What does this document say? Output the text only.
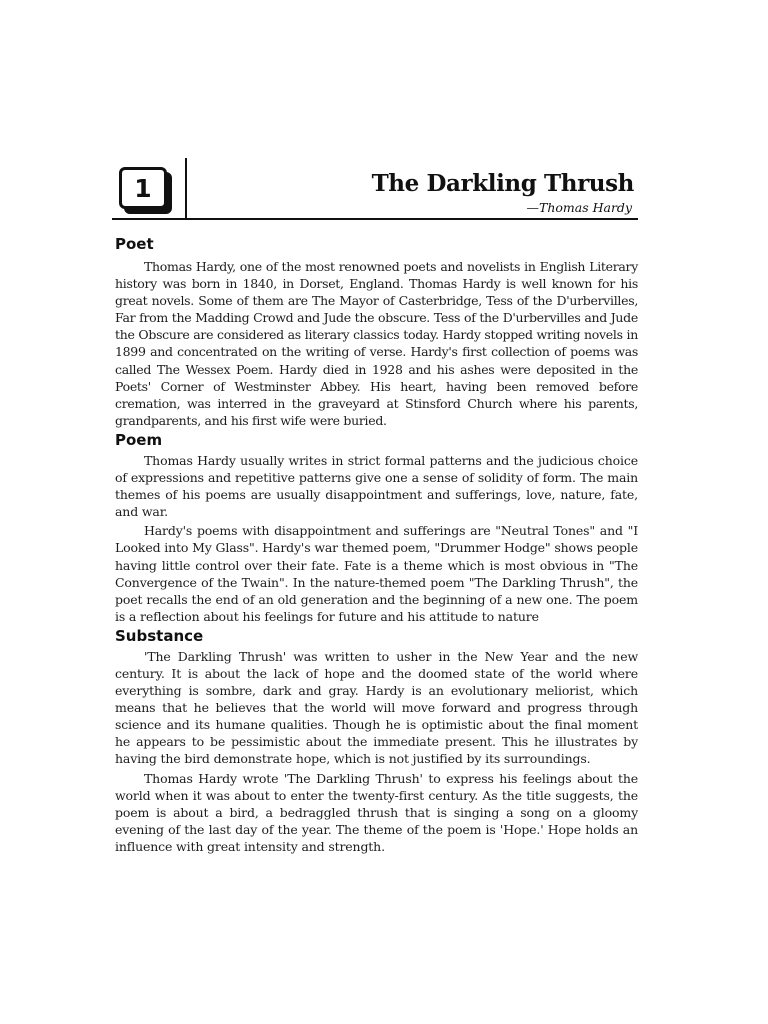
1	The Darkling Thrush
—Thomas Hardy
Poet

Thomas Hardy, one of the most renowned poets and novelists in English Literary history was born in 1840, in Dorset, England. Thomas Hardy is well known for his great novels. Some of them are The Mayor of Casterbridge, Tess of the D'urbervilles, Far from the Madding Crowd and Jude the obscure. Tess of the D'urbervilles and Jude the Obscure are considered as literary classics today. Hardy stopped writing novels in 1899 and concentrated on the writing of verse. Hardy's first collection of poems was called The Wessex Poem. Hardy died in 1928 and his ashes were deposited in the Poets' Corner of Westminster Abbey. His heart, having been removed before cremation, was interred in the graveyard at Stinsford Church where his parents, grandparents, and his first wife were buried.

Poem

Thomas Hardy usually writes in strict formal patterns and the judicious choice of expressions and repetitive patterns give one a sense of solidity of form. The main themes of his poems are usually disappointment and sufferings, love, nature, fate, and war.

Hardy's poems with disappointment and sufferings are "Neutral Tones" and "I Looked into My Glass". Hardy's war themed poem, "Drummer Hodge" shows people having little control over their fate. Fate is a theme which is most obvious in "The Convergence of the Twain". In the nature-themed poem "The Darkling Thrush", the poet recalls the end of an old generation and the beginning of a new one. The poem is a reflection about his feelings for future and his attitude to nature

Substance

'The Darkling Thrush' was written to usher in the New Year and the new century. It is about the lack of hope and the doomed state of the world where everything is sombre, dark and gray. Hardy is an evolutionary meliorist, which means that he believes that the world will move forward and progress through science and its humane qualities. Though he is optimistic about the final moment he appears to be pessimistic about the immediate present. This he illustrates by having the bird demonstrate hope, which is not justified by its surroundings.

Thomas Hardy wrote 'The Darkling Thrush' to express his feelings about the world when it was about to enter the twenty-first century. As the title suggests, the poem is about a bird, a bedraggled thrush that is singing a song on a gloomy evening of the last day of the year. The theme of the poem is 'Hope.' Hope holds an influence with great intensity and strength.
